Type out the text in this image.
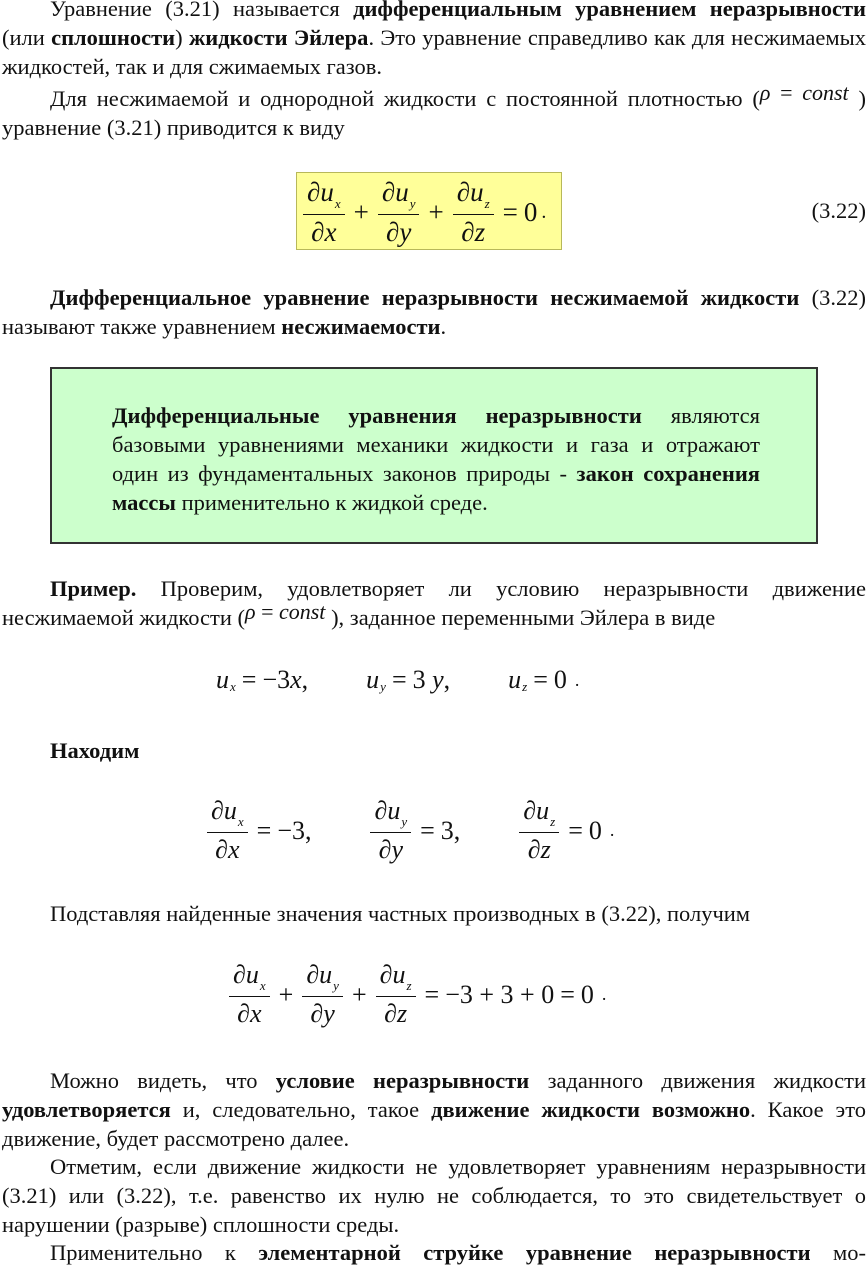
Уравнение (3.21) называется дифференциальным уравнением неразрывности (или сплошности) жидкости Эйлера. Это уравнение справедливо как для несжимаемых жидкостей, так и для сжимаемых газов.
Для несжимаемой и однородной жидкости с постоянной плотностью (ρ = const ) уравнение (3.21) приводится к виду
$\frac{\partial u_x}{\partial x} + \frac{\partial u_y}{\partial y} + \frac{\partial u_z}{\partial z} = 0$ .	(3.22)
Дифференциальное уравнение неразрывности несжимаемой жидкости (3.22) называют также уравнением несжимаемости.
Дифференциальные уравнения неразрывности являются базовыми уравнениями механики жидкости и газа и отражают один из фундаментальных законов природы - закон сохранения массы применительно к жидкой среде.
Пример. Проверим, удовлетворяет ли условию неразрывности движение несжимаемой жидкости (ρ = const ), заданное переменными Эйлера в виде
u x = −3 x , u y = 3
y , u z = 0 .
Находим
$\frac{\partial u_x}{\partial x} = -3$ , $\frac{\partial u_y}{\partial y} = 3$ , $\frac{\partial u_z}{\partial z} = 0$ .
Подставляя найденные значения частных производных в (3.22), получим
$\frac{\partial u_x}{\partial x} + \frac{\partial u_y}{\partial y} + \frac{\partial u_z}{\partial z} = -3 + 3 + 0 = 0$ .
Можно видеть, что условие неразрывности заданного движения жидкости удовлетворяется и, следовательно, такое движение жидкости возможно. Какое это движение, будет рассмотрено далее.
Отметим, если движение жидкости не удовлетворяет уравнениям неразрывности (3.21) или (3.22), т.е. равенство их нулю не соблюдается, то это свидетельствует о нарушении (разрыве) сплошности среды.
Применительно к элементарной струйке уравнение неразрывности мо-
